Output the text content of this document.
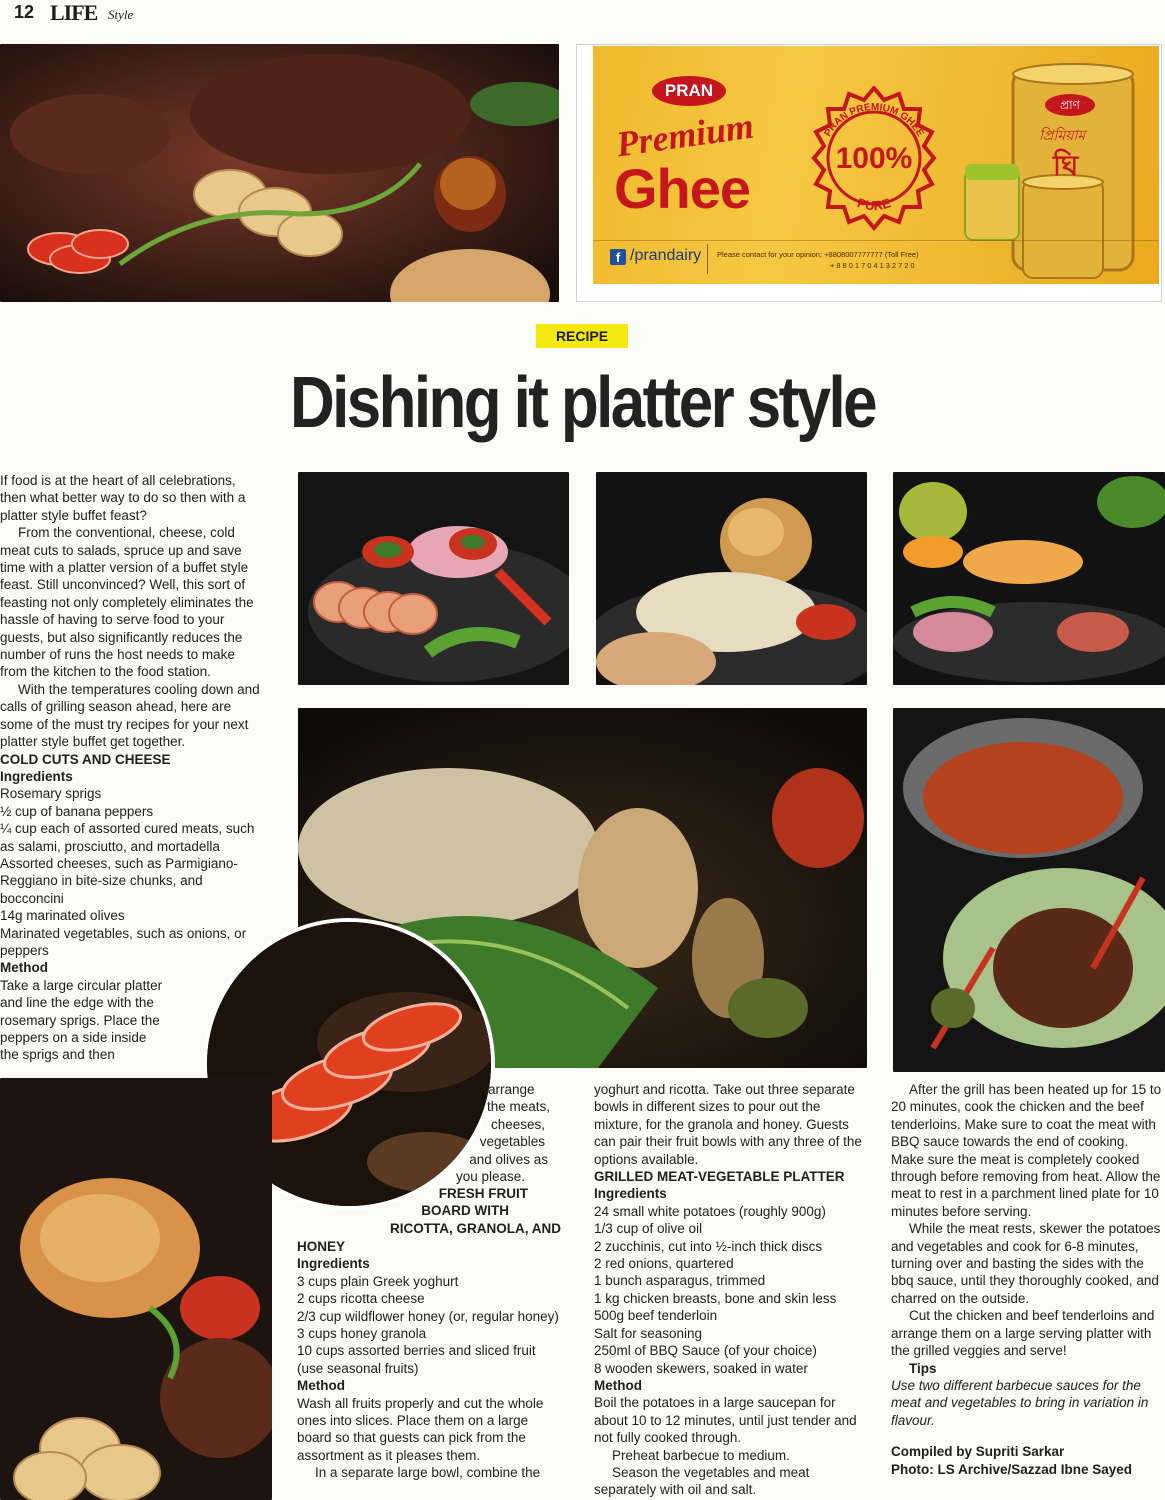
12 LIFE Style
প্রাণ
প্রিমিয়াম
ঘি
PRAN
Premium
Ghee
PRAN PREMIUM GHEE
100%
PURE
f /prandairy Please contact for your opinion: +8808007777777 (Toll Free)
+8801704132720
RECIPE
Dishing it platter style

If food is at the heart of all celebrations, then what better way to do so then with a platter style buffet feast?

From the conventional, cheese, cold meat cuts to salads, spruce up and save time with a platter version of a buffet style feast. Still unconvinced? Well, this sort of feasting not only completely eliminates the hassle of having to serve food to your guests, but also significantly reduces the number of runs the host needs to make from the kitchen to the food station.

With the temperatures cooling down and calls of grilling season ahead, here are some of the must try recipes for your next platter style buffet get together.

COLD CUTS AND CHEESE

Ingredients

Rosemary sprigs

½ cup of banana peppers

¼ cup each of assorted cured meats, such as salami, prosciutto, and mortadella

Assorted cheeses, such as Parmigiano-Reggiano in bite-size chunks, and bocconcini

14g marinated olives

Marinated vegetables, such as onions, or peppers

Method

Take a large circular platter and line the edge with the rosemary sprigs. Place the peppers on a side inside the sprigs and then

arrange

the meats,

cheeses,

vegetables

and olives as

you please.

FRESH FRUIT

BOARD WITH

RICOTTA, GRANOLA, AND

HONEY

Ingredients

3 cups plain Greek yoghurt

2 cups ricotta cheese

2/3 cup wildflower honey (or, regular honey)

3 cups honey granola

10 cups assorted berries and sliced fruit (use seasonal fruits)

Method

Wash all fruits properly and cut the whole ones into slices. Place them on a large board so that guests can pick from the assortment as it pleases them.

In a separate large bowl, combine the

yoghurt and ricotta. Take out three separate bowls in different sizes to pour out the mixture, for the granola and honey. Guests can pair their fruit bowls with any three of the options available.

GRILLED MEAT-VEGETABLE PLATTER

Ingredients

24 small white potatoes (roughly 900g)

1/3 cup of olive oil

2 zucchinis, cut into ½-inch thick discs

2 red onions, quartered

1 bunch asparagus, trimmed

1 kg chicken breasts, bone and skin less

500g beef tenderloin

Salt for seasoning

250ml of BBQ Sauce (of your choice)

8 wooden skewers, soaked in water

Method

Boil the potatoes in a large saucepan for about 10 to 12 minutes, until just tender and not fully cooked through.

Preheat barbecue to medium.

Season the vegetables and meat separately with oil and salt.

After the grill has been heated up for 15 to 20 minutes, cook the chicken and the beef tenderloins. Make sure to coat the meat with BBQ sauce towards the end of cooking. Make sure the meat is completely cooked through before removing from heat. Allow the meat to rest in a parchment lined plate for 10 minutes before serving.

While the meat rests, skewer the potatoes and vegetables and cook for 6-8 minutes, turning over and basting the sides with the bbq sauce, until they thoroughly cooked, and charred on the outside.

Cut the chicken and beef tenderloins and arrange them on a large serving platter with the grilled veggies and serve!

Tips

Use two different barbecue sauces for the meat and vegetables to bring in variation in flavour.

Compiled by Supriti Sarkar

Photo: LS Archive/Sazzad Ibne Sayed
